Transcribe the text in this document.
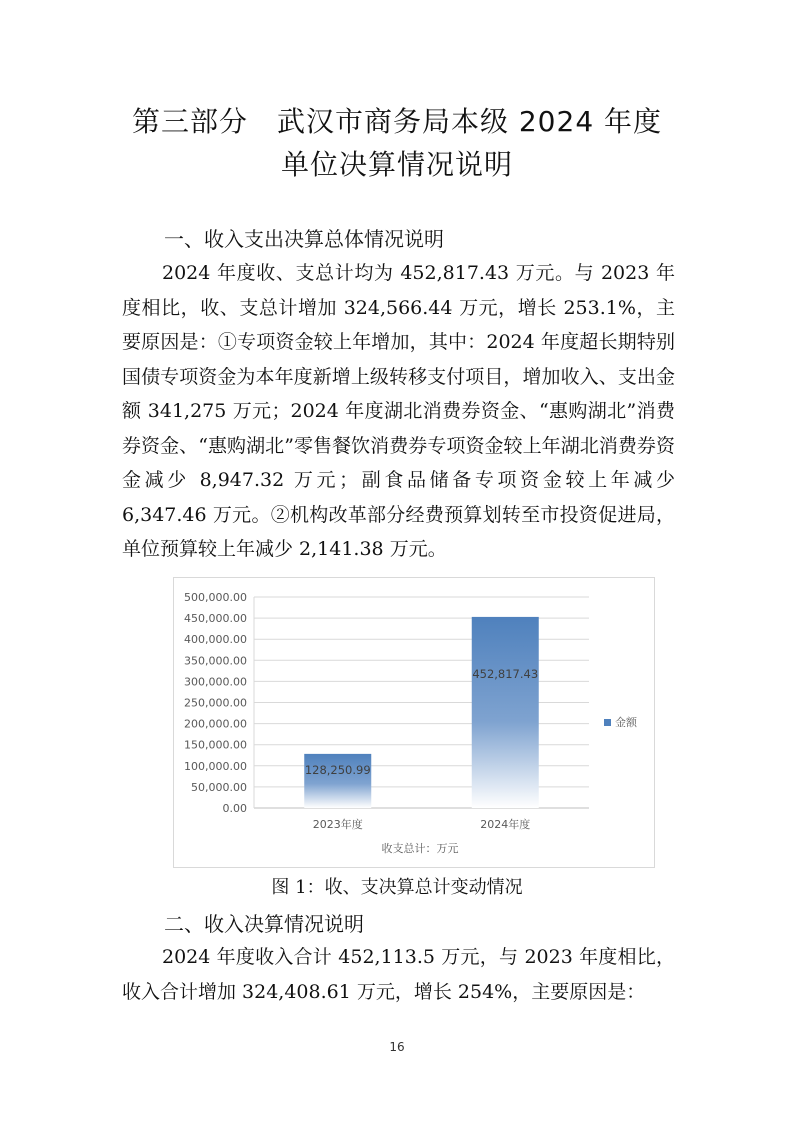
第三部分　武汉市商务局本级 2024 年度
单位决算情况说明
一、收入支出决算总体情况说明

2024 年度收、支总计均为 452,817.43 万元。与 2023 年度相比，收、支总计增加 324,566.44 万元，增长 253.1%，主要原因是：①专项资金较上年增加，其中：2024 年度超长期特别国债专项资金为本年度新增上级转移支付项目，增加收入、支出金额 341,275 万元；2024 年度湖北消费券资金、“惠购湖北”消费券资金、“惠购湖北”零售餐饮消费券专项资金较上年湖北消费券资金减少 8,947.32 万元；副食品储备专项资金较上年减少 6,347.46 万元。②机构改革部分经费预算划转至市投资促进局，单位预算较上年减少 2,141.38 万元。

0.00
50,000.00
100,000.00
150,000.00
200,000.00
250,000.00
300,000.00
350,000.00
400,000.00
450,000.00
500,000.00
128,250.99
2023年度
452,817.43
2024年度
金额
收支总计：万元
图 1：收、支决算总计变动情况
二、收入决算情况说明

2024 年度收入合计 452,113.5 万元，与 2023 年度相比，收入合计增加 324,408.61 万元，增长 254%，主要原因是：

16
